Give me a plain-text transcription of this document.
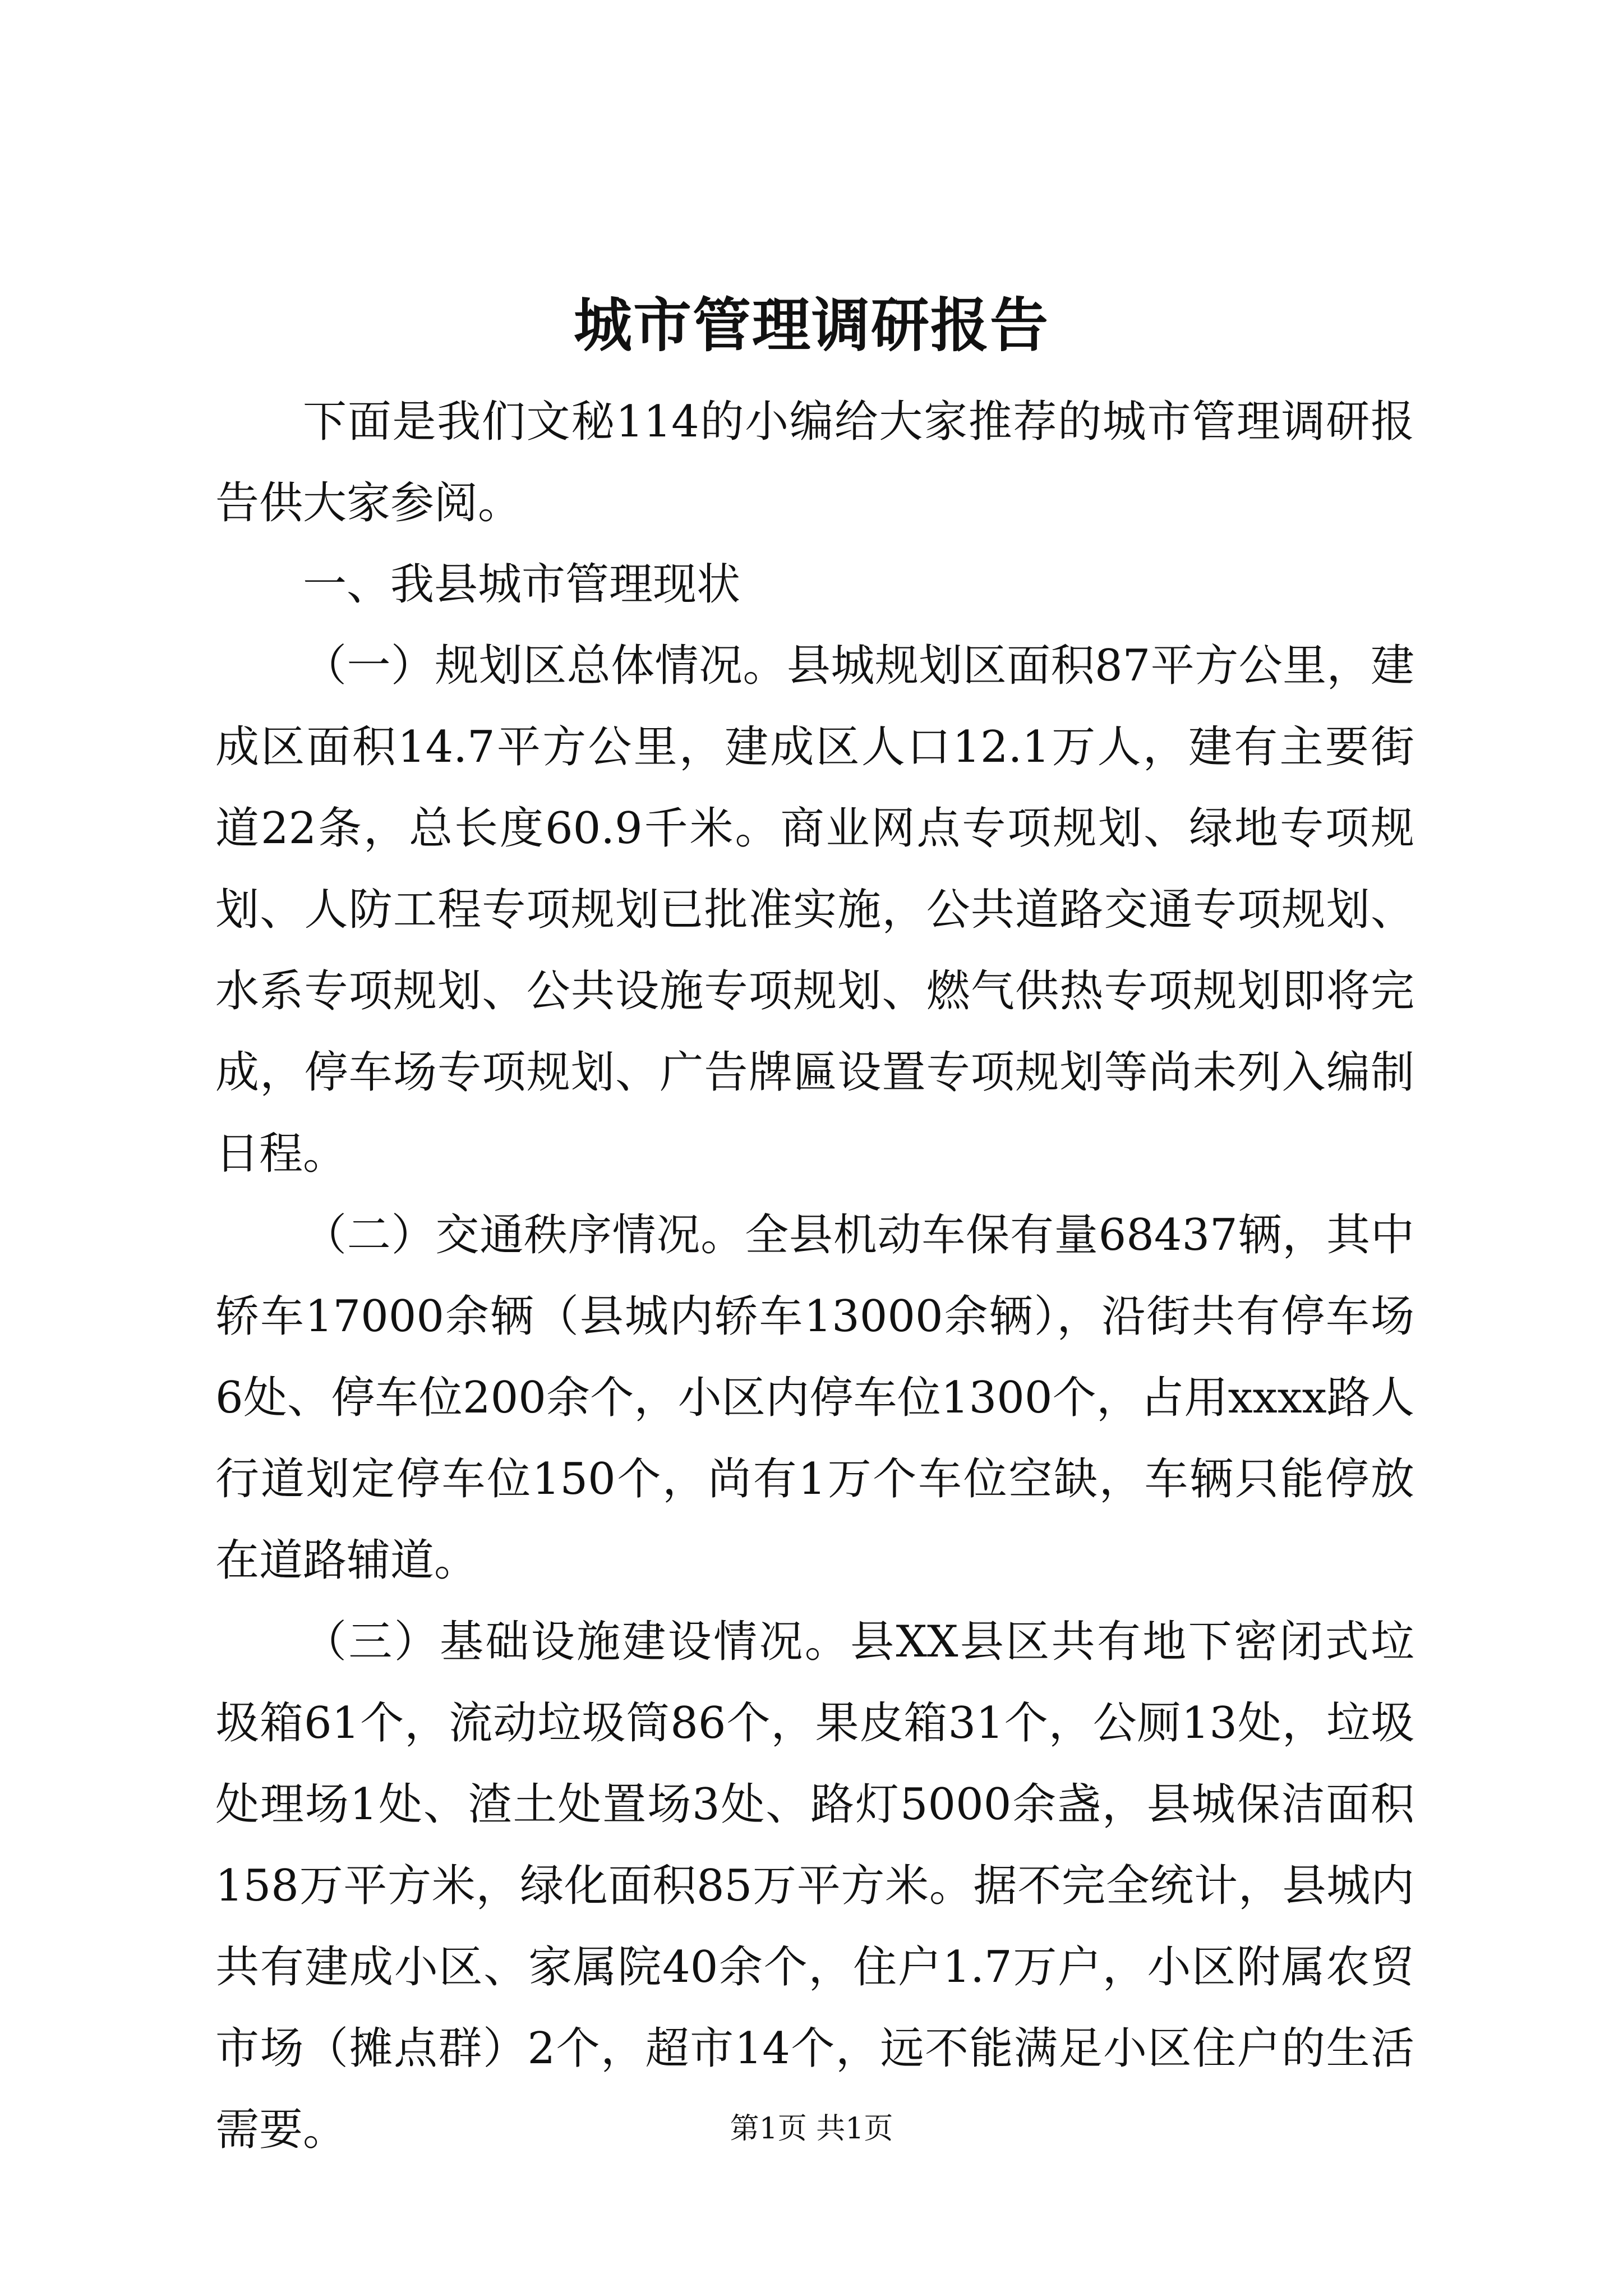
城市管理调研报告

下面是我们文秘114的小编给大家推荐的城市管理调研报告供大家参阅。

一、我县城市管理现状

（一）规划区总体情况。县城规划区面积87平方公里，建成区面积14.7平方公里，建成区人口12.1万人，建有主要街道22条，总长度60.9千米。商业网点专项规划、绿地专项规划、人防工程专项规划已批准实施，公共道路交通专项规划、水系专项规划、公共设施专项规划、燃气供热专项规划即将完成，停车场专项规划、广告牌匾设置专项规划等尚未列入编制日程。

（二）交通秩序情况。全县机动车保有量68437辆，其中轿车17000余辆（县城内轿车13000余辆），沿街共有停车场6处、停车位200余个，小区内停车位1300个，占用xxxx路人行道划定停车位150个，尚有1万个车位空缺，车辆只能停放在道路辅道。

（三）基础设施建设情况。县XX县区共有地下密闭式垃圾箱61个，流动垃圾筒86个，果皮箱31个，公厕13处，垃圾处理场1处、渣土处置场3处、路灯5000余盏，县城保洁面积158万平方米，绿化面积85万平方米。据不完全统计，县城内共有建成小区、家属院40余个，住户1.7万户，小区附属农贸市场（摊点群）2个，超市14个，远不能满足小区住户的生活需要。	第1页 共1页
